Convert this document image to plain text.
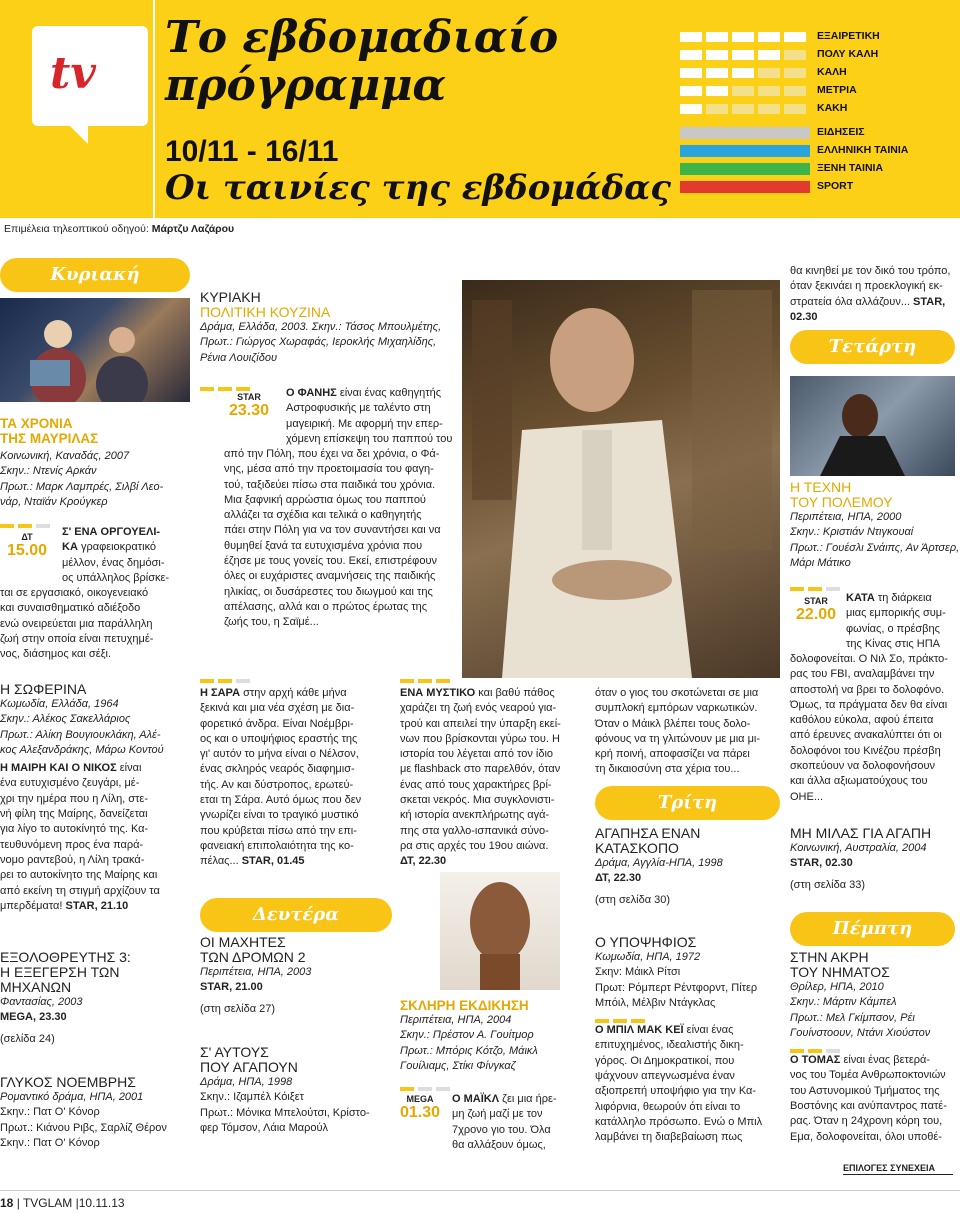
tv
Το εβδομαδιαίο
πρόγραμμα
10/11 - 16/11
Οι ταινίες της εβδομάδας
ΕΞΑΙΡΕΤΙΚΗ
ΠΟΛΥ ΚΑΛΗ
ΚΑΛΗ
ΜΕΤΡΙΑ
ΚΑΚΗ
ΕΙΔΗΣΕΙΣ
ΕΛΛΗΝΙΚΗ ΤΑΙΝΙΑ
ΞΕΝΗ ΤΑΙΝΙΑ
SPORT
Επιμέλεια τηλεοπτικού οδηγού: Μάρτζυ Λαζάρου
Κυριακή
ΤΑ ΧΡΟΝΙΑ
ΤΗΣ ΜΑΥΡΙΛΑΣ
Κοινωνική, Καναδάς, 2007
Σκην.: Ντενίς Αρκάν
Πρωτ.: Μαρκ Λαμπρές, Σιλβί Λεο-
νάρ, Νταϊάν Κρούγκερ
ΔΤ
15.00
Σ' ΕΝΑ ΟΡΓΟΥΕΛΙ-
ΚΑ γραφειοκρατικό
μέλλον, ένας δημόσι-
ος υπάλληλος βρίσκε-
ται σε εργασιακό, οικογενειακό
και συναισθηματικό αδιέξοδο
ενώ ονειρεύεται μια παράλληλη
ζωή στην οποία είναι πετυχημέ-
νος, διάσημος και σέξι.
Η ΣΩΦΕΡΙΝΑ
Κωμωδία, Ελλάδα, 1964
Σκην.: Αλέκος Σακελλάριος
Πρωτ.: Αλίκη Βουγιουκλάκη, Αλέ-
κος Αλεξανδράκης, Μάρω Κοντού
Η ΜΑΙΡΗ ΚΑΙ Ο ΝΙΚΟΣ είναι
ένα ευτυχισμένο ζευγάρι, μέ-
χρι την ημέρα που η Λίλη, στε-
νή φίλη της Μαίρης, δανείζεται
για λίγο το αυτοκίνητό της. Κα-
τευθυνόμενη προς ένα παρά-
νομο ραντεβού, η Λίλη τρακά-
ρει το αυτοκίνητο της Μαίρης και
από εκείνη τη στιγμή αρχίζουν τα
μπερδέματα! STAR, 21.10
ΕΞΟΛΟΘΡΕΥΤΗΣ 3:
Η ΕΞΕΓΕΡΣΗ ΤΩΝ
ΜΗΧΑΝΩΝ
Φαντασίας, 2003
MEGA, 23.30
(σελίδα 24)
ΓΛΥΚΟΣ ΝΟΕΜΒΡΗΣ
Ρομαντικό δράμα, ΗΠΑ, 2001
Σκην.: Πατ Ο' Κόνορ
Πρωτ.: Κιάνου Ριβς, Σαρλίζ Θέρον
Σκην.: Πατ Ο' Κόνορ
ΚΥΡΙΑΚΗ
ΠΟΛΙΤΙΚΗ ΚΟΥΖΙΝΑ
Δράμα, Ελλάδα, 2003. Σκην.: Τάσος Μπουλμέτης,
Πρωτ.: Γιώργος Χωραφάς, Ιεροκλής Μιχαηλίδης,
Ρένια Λουιζίδου
STAR
23.30
Ο ΦΑΝΗΣ είναι ένας καθηγητής
Αστροφυσικής με ταλέντο στη
μαγειρική. Με αφορμή την επερ-
χόμενη επίσκεψη του παππού του
από την Πόλη, που έχει να δει χρόνια, ο Φά-
νης, μέσα από την προετοιμασία του φαγη-
τού, ταξιδεύει πίσω στα παιδικά του χρόνια.
Μια ξαφνική αρρώστια όμως του παππού
αλλάζει τα σχέδια και τελικά ο καθηγητής
πάει στην Πόλη για να τον συναντήσει και να
θυμηθεί ξανά τα ευτυχισμένα χρόνια που
έζησε με τους γονείς του. Εκεί, επιστρέφουν
όλες οι ευχάριστες αναμνήσεις της παιδικής
ηλικίας, οι δυσάρεστες του διωγμού και της
απέλασης, αλλά και ο πρώτος έρωτας της
ζωής του, η Σαϊμέ...
Η ΣΑΡΑ στην αρχή κάθε μήνα
ξεκινά και μια νέα σχέση με δια-
φορετικό άνδρα. Είναι Νοέμβρι-
ος και ο υποψήφιος εραστής της
γι' αυτόν το μήνα είναι ο Νέλσον,
ένας σκληρός νεαρός διαφημισ-
τής. Αν και δύστροπος, ερωτεύ-
εται τη Σάρα. Αυτό όμως που δεν
γνωρίζει είναι το τραγικό μυστικό
που κρύβεται πίσω από την επι-
φανειακή επιπολαιότητα της κο-
πέλας... STAR, 01.45
Δευτέρα
ΟΙ ΜΑΧΗΤΕΣ
ΤΩΝ ΔΡΟΜΩΝ 2
Περιπέτεια, ΗΠΑ, 2003
STAR, 21.00
(στη σελίδα 27)
Σ' ΑΥΤΟΥΣ
ΠΟΥ ΑΓΑΠΟΥΝ
Δράμα, ΗΠΑ, 1998
Σκην.: Ιζαμπέλ Κόιξετ
Πρωτ.: Μόνικα Μπελούτσι, Κρίστο-
φερ Τόμσον, Λάια Μαρούλ
ΕΝΑ ΜΥΣΤΙΚΟ και βαθύ πάθος
χαράζει τη ζωή ενός νεαρού για-
τρού και απειλεί την ύπαρξη εκεί-
νων που βρίσκονται γύρω του. Η
ιστορία του λέγεται από τον ίδιο
με flashback στο παρελθόν, όταν
ένας από τους χαρακτήρες βρί-
σκεται νεκρός. Μια συγκλονιστι-
κή ιστορία ανεκπλήρωτης αγά-
πης στα γαλλο-ισπανικά σύνο-
ρα στις αρχές του 19ου αιώνα.
ΔΤ, 22.30
ΣΚΛΗΡΗ ΕΚΔΙΚΗΣΗ
Περιπέτεια, ΗΠΑ, 2004
Σκην.: Πρέστον Α. Γουίτμορ
Πρωτ.: Μπόρις Κότζο, Μάικλ
Γουίλιαμς, Στίκι Φίνγκαζ
MEGA
01.30
Ο ΜΑΪΚΛ ζει μια ήρε-
μη ζωή μαζί με τον
7χρονο γιο του. Όλα
θα αλλάξουν όμως,
όταν ο γιος του σκοτώνεται σε μια
συμπλοκή εμπόρων ναρκωτικών.
Όταν ο Μάικλ βλέπει τους δολο-
φόνους να τη γλιτώνουν με μια μι-
κρή ποινή, αποφασίζει να πάρει
τη δικαιοσύνη στα χέρια του...
Τρίτη
ΑΓΑΠΗΣΑ ΕΝΑΝ
ΚΑΤΑΣΚΟΠΟ
Δράμα, Αγγλία-ΗΠΑ, 1998
ΔΤ, 22.30
(στη σελίδα 30)
Ο ΥΠΟΨΗΦΙΟΣ
Κωμωδία, ΗΠΑ, 1972
Σκην: Μάικλ Ρίτσι
Πρωτ: Ρόμπερτ Ρέντφορντ, Πίτερ
Μπόιλ, Μέλβιν Ντάγκλας
Ο ΜΠΙΛ ΜΑΚ ΚΕΪ είναι ένας
επιτυχημένος, ιδεαλιστής δικη-
γόρος. Οι Δημοκρατικοί, που
ψάχνουν απεγνωσμένα έναν
αξιοπρεπή υποψήφιο για την Κα-
λιφόρνια, θεωρούν ότι είναι το
κατάλληλο πρόσωπο. Ενώ ο Μπιλ
λαμβάνει τη διαβεβαίωση πως
θα κινηθεί με τον δικό του τρόπο,
όταν ξεκινάει η προεκλογική εκ-
στρατεία όλα αλλάζουν... STAR,
02.30
Τετάρτη
Η ΤΕΧΝΗ
ΤΟΥ ΠΟΛΕΜΟΥ
Περιπέτεια, ΗΠΑ, 2000
Σκην.: Κριστιάν Ντιγκουαί
Πρωτ.: Γουέσλι Σνάιπς, Αν Άρτσερ,
Μάρι Μάτικο
STAR
22.00
ΚΑΤΑ τη διάρκεια
μιας εμπορικής συμ-
φωνίας, ο πρέσβης
της Κίνας στις ΗΠΑ
δολοφονείται. Ο Νιλ Σο, πράκτο-
ρας του FBI, αναλαμβάνει την
αποστολή να βρει το δολοφόνο.
Όμως, τα πράγματα δεν θα είναι
καθόλου εύκολα, αφού έπειτα
από έρευνες ανακαλύπτει ότι οι
δολοφόνοι του Κινέζου πρέσβη
σκοπεύουν να δολοφονήσουν
και άλλα αξιωματούχους του
ΟΗΕ...
ΜΗ ΜΙΛΑΣ ΓΙΑ ΑΓΑΠΗ
Κοινωνική, Αυστραλία, 2004
STAR, 02.30
(στη σελίδα 33)
Πέμπτη
ΣΤΗΝ ΑΚΡΗ
ΤΟΥ ΝΗΜΑΤΟΣ
Θρίλερ, ΗΠΑ, 2010
Σκην.: Μάρτιν Κάμπελ
Πρωτ.: Μελ Γκίμπσον, Ρέι
Γουίνστοουν, Ντάνι Χιούστον
Ο ΤΟΜΑΣ είναι ένας βετερά-
νος του Τομέα Ανθρωποκτονιών
του Αστυνομικού Τμήματος της
Βοστόνης και ανύπαντρος πατέ-
ρας. Όταν η 24χρονη κόρη του,
Εμα, δολοφονείται, όλοι υποθέ-
ΕΠΙΛΟΓΕΣ ΣΥΝΕΧΕΙΑ
18 | TVGLAM |10.11.13
